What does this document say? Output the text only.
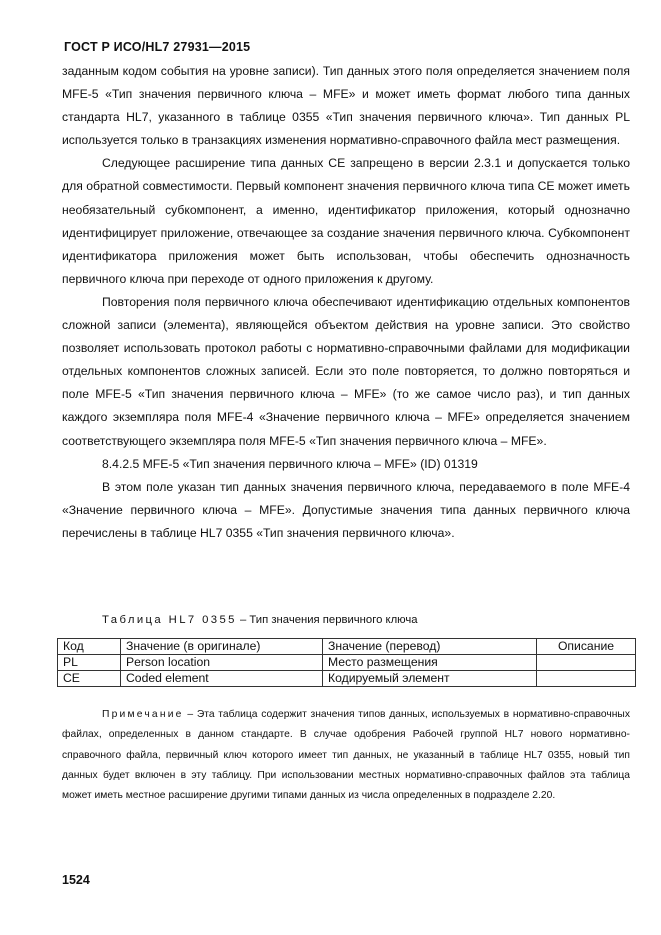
ГОСТ Р ИСО/HL7 27931—2015

заданным кодом события на уровне записи). Тип данных этого поля определяется значением поля MFE-5 «Тип значения первичного ключа – MFE» и может иметь формат любого типа данных стандарта HL7, указанного в таблице 0355 «Тип значения первичного ключа». Тип данных PL используется только в транзакциях изменения нормативно-справочного файла мест размещения.

Следующее расширение типа данных CE запрещено в версии 2.3.1 и допускается только для обратной совместимости. Первый компонент значения первичного ключа типа CE может иметь необязательный субкомпонент, а именно, идентификатор приложения, который однозначно идентифицирует приложение, отвечающее за создание значения первичного ключа. Субкомпонент идентификатора приложения может быть использован, чтобы обеспечить однозначность первичного ключа при переходе от одного приложения к другому.

Повторения поля первичного ключа обеспечивают идентификацию отдельных компонентов сложной записи (элемента), являющейся объектом действия на уровне записи. Это свойство позволяет использовать протокол работы с нормативно-справочными файлами для модификации отдельных компонентов сложных записей. Если это поле повторяется, то должно повторяться и поле MFE-5 «Тип значения первичного ключа – MFE» (то же самое число раз), и тип данных каждого экземпляра поля MFE-4 «Значение первичного ключа – MFE» определяется значением соответствующего экземпляра поля MFE-5 «Тип значения первичного ключа – MFE».

8.4.2.5 MFE-5 «Тип значения первичного ключа – MFE» (ID) 01319

В этом поле указан тип данных значения первичного ключа, передаваемого в поле MFE-4 «Значение первичного ключа – MFE». Допустимые значения типа данных первичного ключа перечислены в таблице HL7 0355 «Тип значения первичного ключа».

Таблица HL7 0355 – Тип значения первичного ключа
Код	Значение (в оригинале)	Значение (перевод)	Описание
PL	Person location	Место размещения	
CE	Coded element	Кодируемый элемент	

Примечание – Эта таблица содержит значения типов данных, используемых в нормативно-справочных файлах, определенных в данном стандарте. В случае одобрения Рабочей группой HL7 нового нормативно-справочного файла, первичный ключ которого имеет тип данных, не указанный в таблице HL7 0355, новый тип данных будет включен в эту таблицу. При использовании местных нормативно-справочных файлов эта таблица может иметь местное расширение другими типами данных из числа определенных в подразделе 2.20.

1524
